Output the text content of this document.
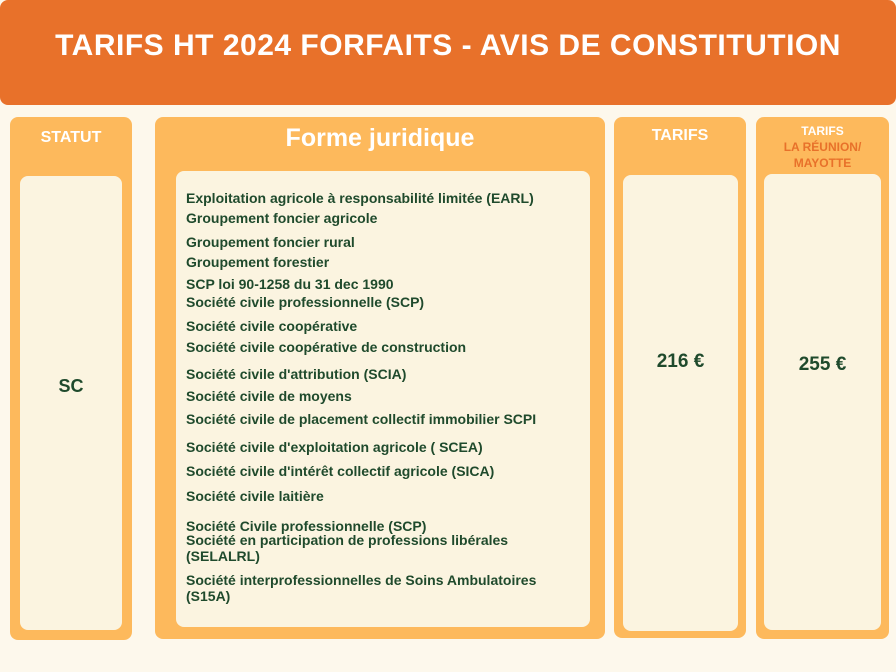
TARIFS HT 2024 FORFAITS - AVIS DE CONSTITUTION
STATUT
SC
Forme juridique
Exploitation agricole à responsabilité limitée (EARL)
Groupement foncier agricole
Groupement foncier rural
Groupement forestier
SCP loi 90-1258 du 31 dec 1990
Société civile professionnelle (SCP)
Société civile coopérative
Société civile coopérative de construction
Société civile d'attribution (SCIA)
Société civile de moyens
Société civile de placement collectif immobilier SCPI
Société civile d'exploitation agricole ( SCEA)
Société civile d'intérêt collectif agricole (SICA)
Société civile laitière
Société Civile professionnelle (SCP)
Société en participation de professions libérales (SELALRL)
Société interprofessionnelles de Soins Ambulatoires (S15A)
TARIFS
216 €
TARIFS
LA RÉUNION/ MAYOTTE
255 €
